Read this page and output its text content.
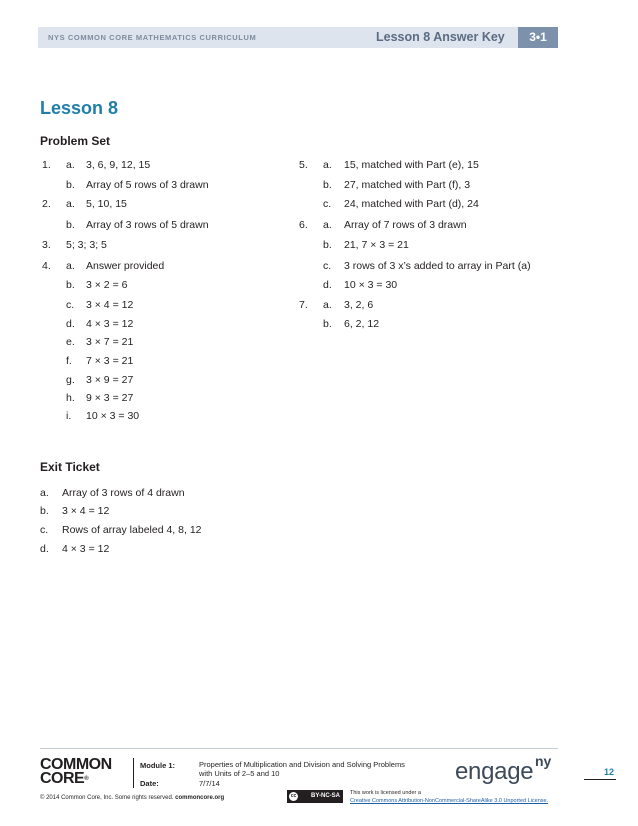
NYS COMMON CORE MATHEMATICS CURRICULUM	Lesson 8 Answer Key	3•1
Lesson 8
Problem Set
1. a. 3, 6, 9, 12, 15
b. Array of 5 rows of 3 drawn
2. a. 5, 10, 15
b. Array of 3 rows of 5 drawn
3. 5; 3; 3; 5
4. a. Answer provided
b. 3 × 2 = 6
c. 3 × 4 = 12
d. 4 × 3 = 12
e. 3 × 7 = 21
f. 7 × 3 = 21
g. 3 × 9 = 27
h. 9 × 3 = 27
i. 10 × 3 = 30
5. a. 15, matched with Part (e), 15
b. 27, matched with Part (f), 3
c. 24, matched with Part (d), 24
6. a. Array of 7 rows of 3 drawn
b. 21, 7 × 3 = 21
c. 3 rows of 3 x’s added to array in Part (a)
d. 10 × 3 = 30
7. a. 3, 2, 6
b. 6, 2, 12
Exit Ticket
a. Array of 3 rows of 4 drawn
b. 3 × 4 = 12
c. Rows of array labeled 4, 8, 12
d. 4 × 3 = 12
COMMON
CORE®
Module 1:	Properties of Multiplication and Division and Solving Problems
with Units of 2–5 and 10
Date:	7/7/14	engage ny
12
© 2014 Common Core, Inc. Some rights reserved. commoncore.org	BY-NC-SA
cc	This work is licensed under a
Creative Commons Attribution-NonCommercial-ShareAlike 3.0 Unported License.
